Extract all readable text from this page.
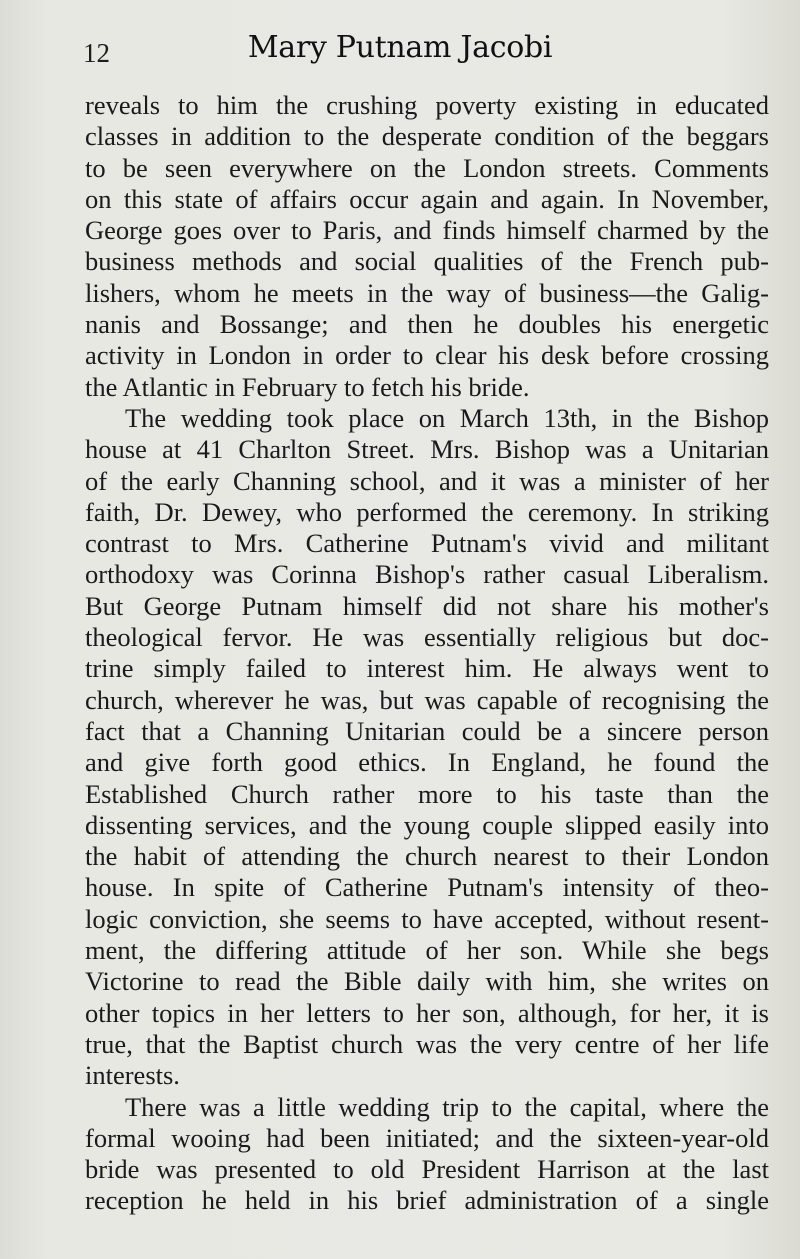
12	Mary Putnam Jacobi
reveals to him the crushing poverty existing in educated
classes in addition to the desperate condition of the beggars
to be seen everywhere on the London streets. Comments
on this state of affairs occur again and again. In November,
George goes over to Paris, and finds himself charmed by the
business methods and social qualities of the French pub-
lishers, whom he meets in the way of business—the Galig-
nanis and Bossange; and then he doubles his energetic
activity in London in order to clear his desk before crossing
the Atlantic in February to fetch his bride.
The wedding took place on March 13th, in the Bishop
house at 41 Charlton Street. Mrs. Bishop was a Unitarian
of the early Channing school, and it was a minister of her
faith, Dr. Dewey, who performed the ceremony. In striking
contrast to Mrs. Catherine Putnam's vivid and militant
orthodoxy was Corinna Bishop's rather casual Liberalism.
But George Putnam himself did not share his mother's
theological fervor. He was essentially religious but doc-
trine simply failed to interest him. He always went to
church, wherever he was, but was capable of recognising the
fact that a Channing Unitarian could be a sincere person
and give forth good ethics. In England, he found the
Established Church rather more to his taste than the
dissenting services, and the young couple slipped easily into
the habit of attending the church nearest to their London
house. In spite of Catherine Putnam's intensity of theo-
logic conviction, she seems to have accepted, without resent-
ment, the differing attitude of her son. While she begs
Victorine to read the Bible daily with him, she writes on
other topics in her letters to her son, although, for her, it is
true, that the Baptist church was the very centre of her life
interests.
There was a little wedding trip to the capital, where the
formal wooing had been initiated; and the sixteen-year-old
bride was presented to old President Harrison at the last
reception he held in his brief administration of a single
